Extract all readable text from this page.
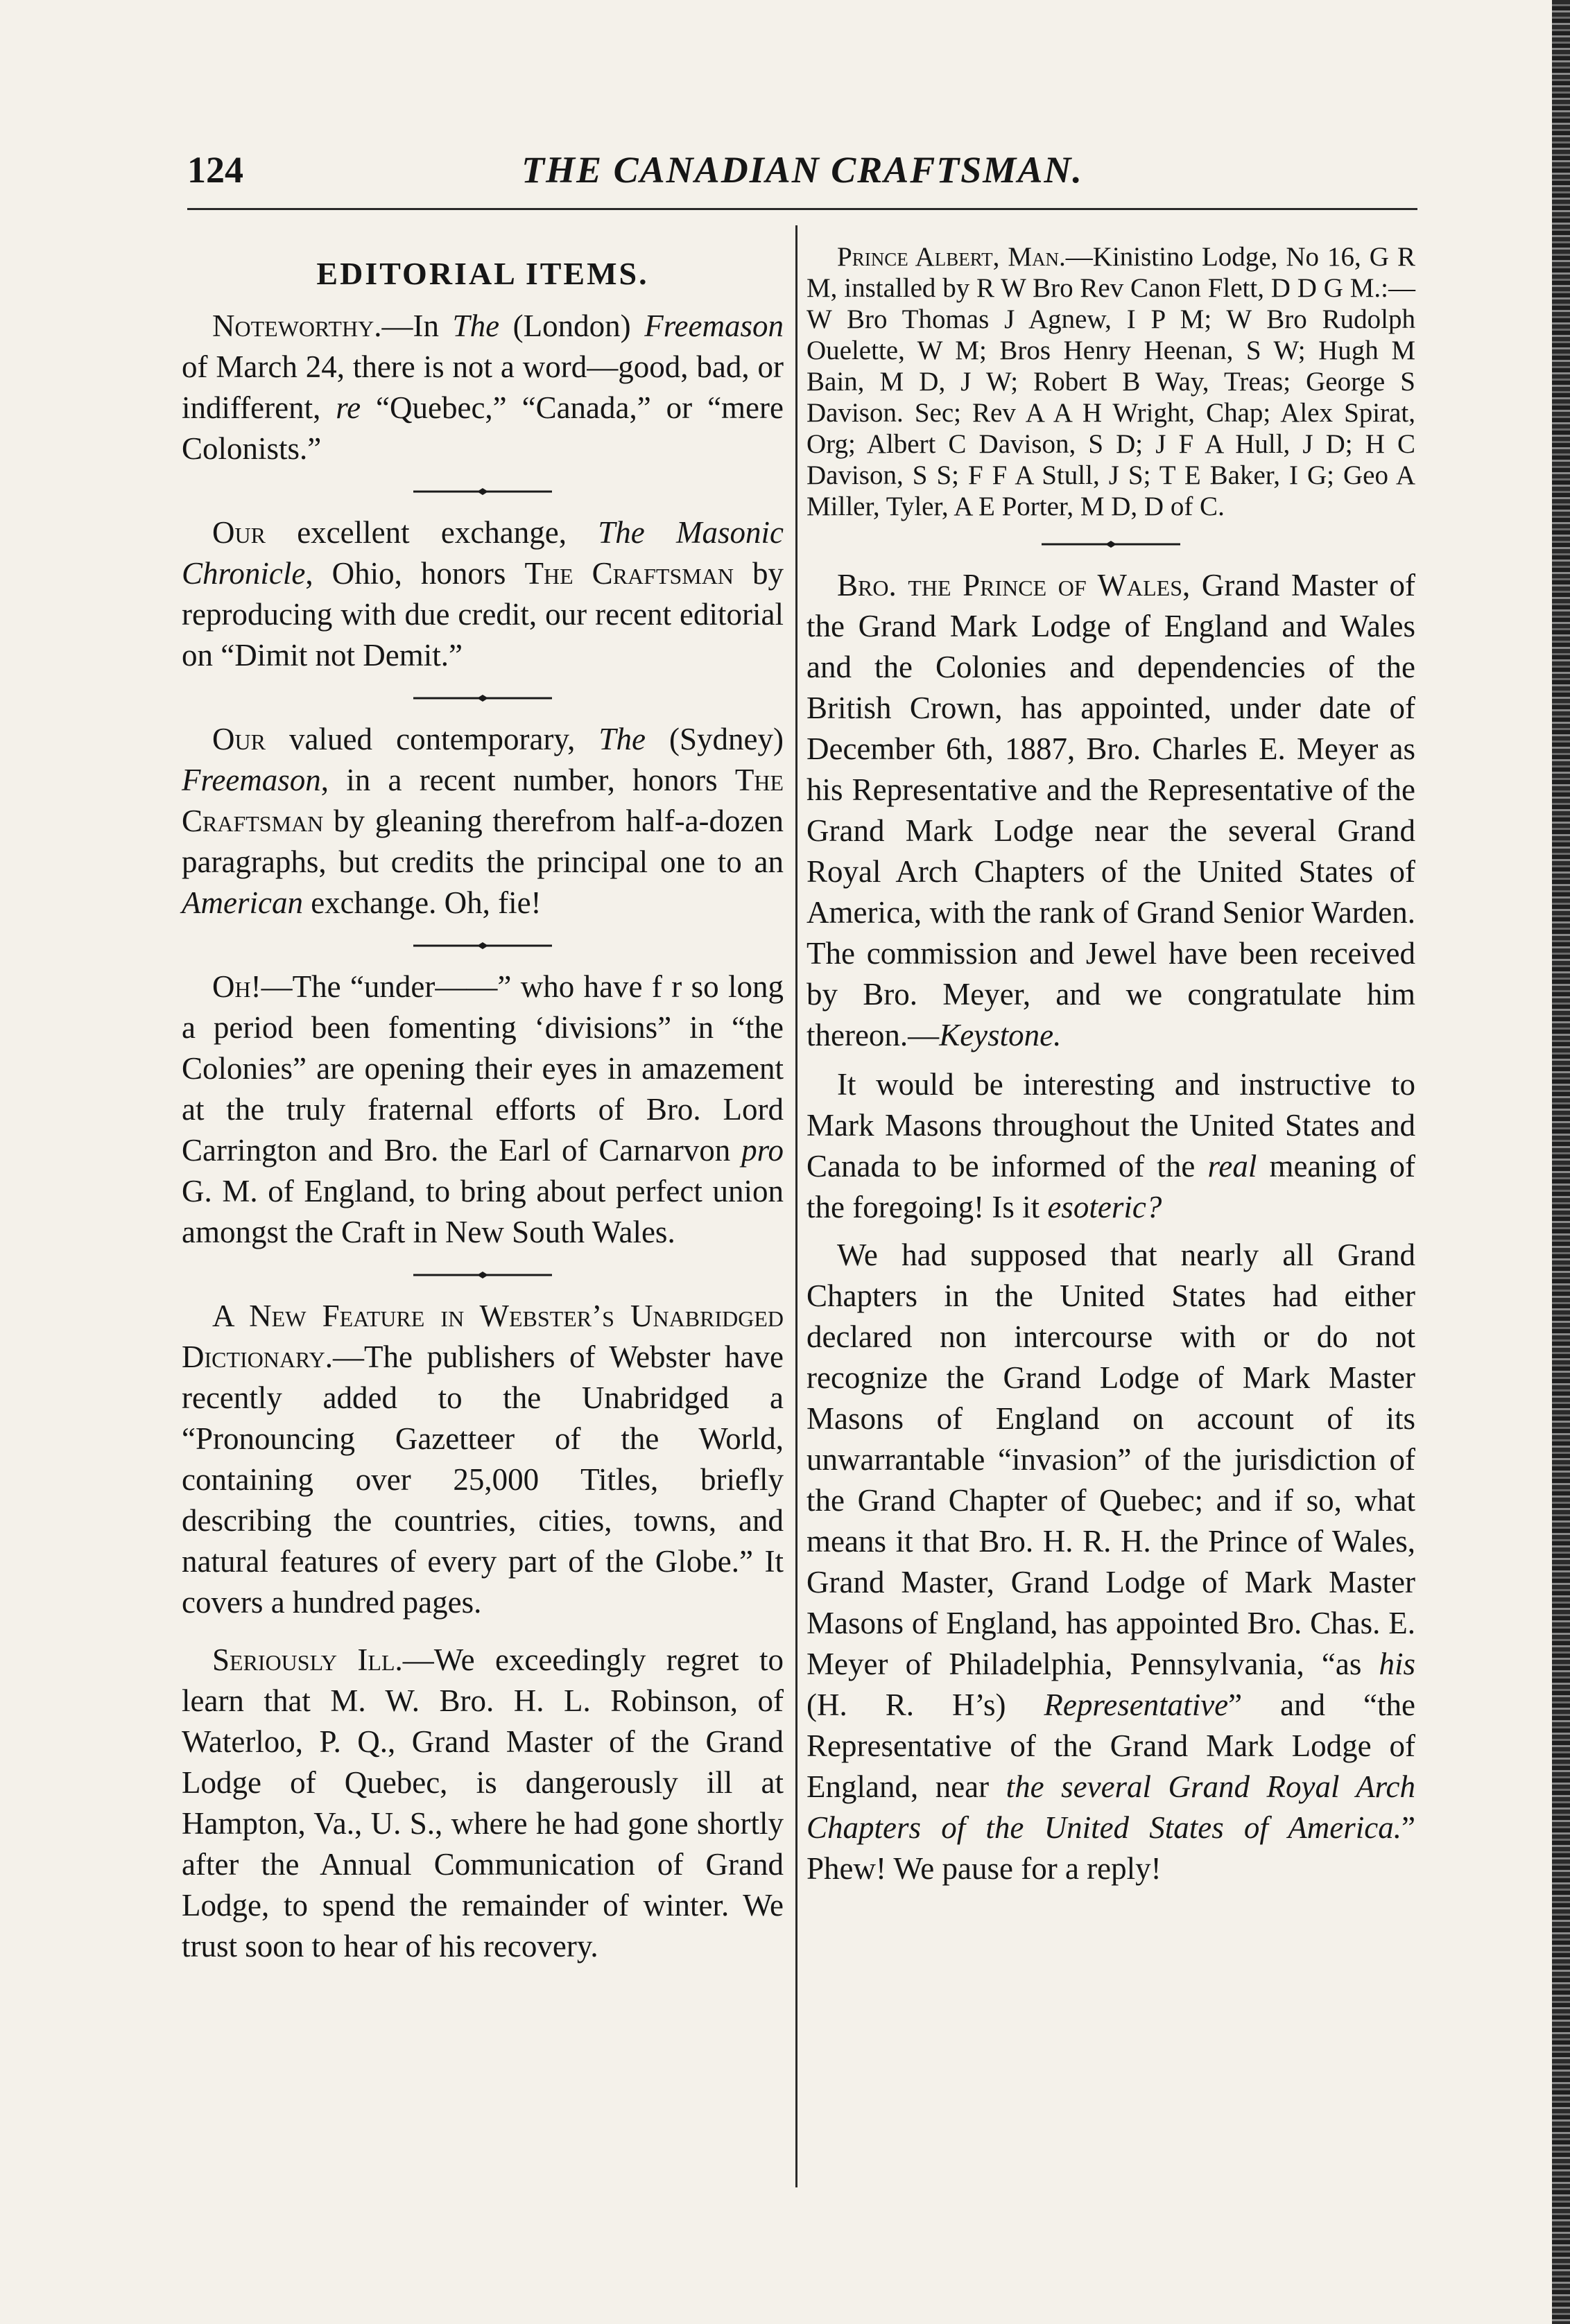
124	THE CANADIAN CRAFTSMAN.
EDITORIAL ITEMS.

Noteworthy.—In The (London) Freemason of March 24, there is not a word—good, bad, or indifferent, re “Quebec,” “Canada,” or “mere Colonists.”

Our excellent exchange, The Masonic Chronicle, Ohio, honors The Craftsman by reproducing with due credit, our recent editorial on “Dimit not Demit.”

Our valued contemporary, The (Sydney) Freemason, in a recent number, honors The Craftsman by gleaning therefrom half-a-dozen paragraphs, but credits the principal one to an American exchange. Oh, fie!

Oh!—The “under——” who have f r so long a period been fomenting ‘divisions” in “the Colonies” are opening their eyes in amazement at the truly fraternal efforts of Bro. Lord Carrington and Bro. the Earl of Carnarvon pro G. M. of England, to bring about perfect union amongst the Craft in New South Wales.

A New Feature in Webster’s Unabridged Dictionary.—The publishers of Webster have recently added to the Unabridged a “Pronouncing Gazetteer of the World, containing over 25,000 Titles, briefly describing the countries, cities, towns, and natural features of every part of the Globe.” It covers a hundred pages.

Seriously Ill.—We exceedingly regret to learn that M. W. Bro. H. L. Robinson, of Waterloo, P. Q., Grand Master of the Grand Lodge of Quebec, is dangerously ill at Hampton, Va., U. S., where he had gone shortly after the Annual Communication of Grand Lodge, to spend the remainder of winter. We trust soon to hear of his recovery.

Prince Albert, Man.—Kinistino Lodge, No 16, G R M, installed by R W Bro Rev Canon Flett, D D G M.:—W Bro Thomas J Agnew, I P M; W Bro Rudolph Ouelette, W M; Bros Henry Heenan, S W; Hugh M Bain, M D, J W; Robert B Way, Treas; George S Davison. Sec; Rev A A H Wright, Chap; Alex Spirat, Org; Albert C Davison, S D; J F A Hull, J D; H C Davison, S S; F F A Stull, J S; T E Baker, I G; Geo A Miller, Tyler, A E Porter, M D, D of C.

Bro. the Prince of Wales, Grand Master of the Grand Mark Lodge of England and Wales and the Colonies and dependencies of the British Crown, has appointed, under date of December 6th, 1887, Bro. Charles E. Meyer as his Representative and the Representative of the Grand Mark Lodge near the several Grand Royal Arch Chapters of the United States of America, with the rank of Grand Senior Warden. The commission and Jewel have been received by Bro. Meyer, and we congratulate him thereon.—Keystone.

It would be interesting and instructive to Mark Masons throughout the United States and Canada to be informed of the real meaning of the foregoing! Is it esoteric?

We had supposed that nearly all Grand Chapters in the United States had either declared non intercourse with or do not recognize the Grand Lodge of Mark Master Masons of England on account of its unwarrantable “invasion” of the jurisdiction of the Grand Chapter of Quebec; and if so, what means it that Bro. H. R. H. the Prince of Wales, Grand Master, Grand Lodge of Mark Master Masons of England, has appointed Bro. Chas. E. Meyer of Philadelphia, Pennsylvania, “as his (H. R. H’s) Representative” and “the Representative of the Grand Mark Lodge of England, near the several Grand Royal Arch Chapters of the United States of America.” Phew! We pause for a reply!
